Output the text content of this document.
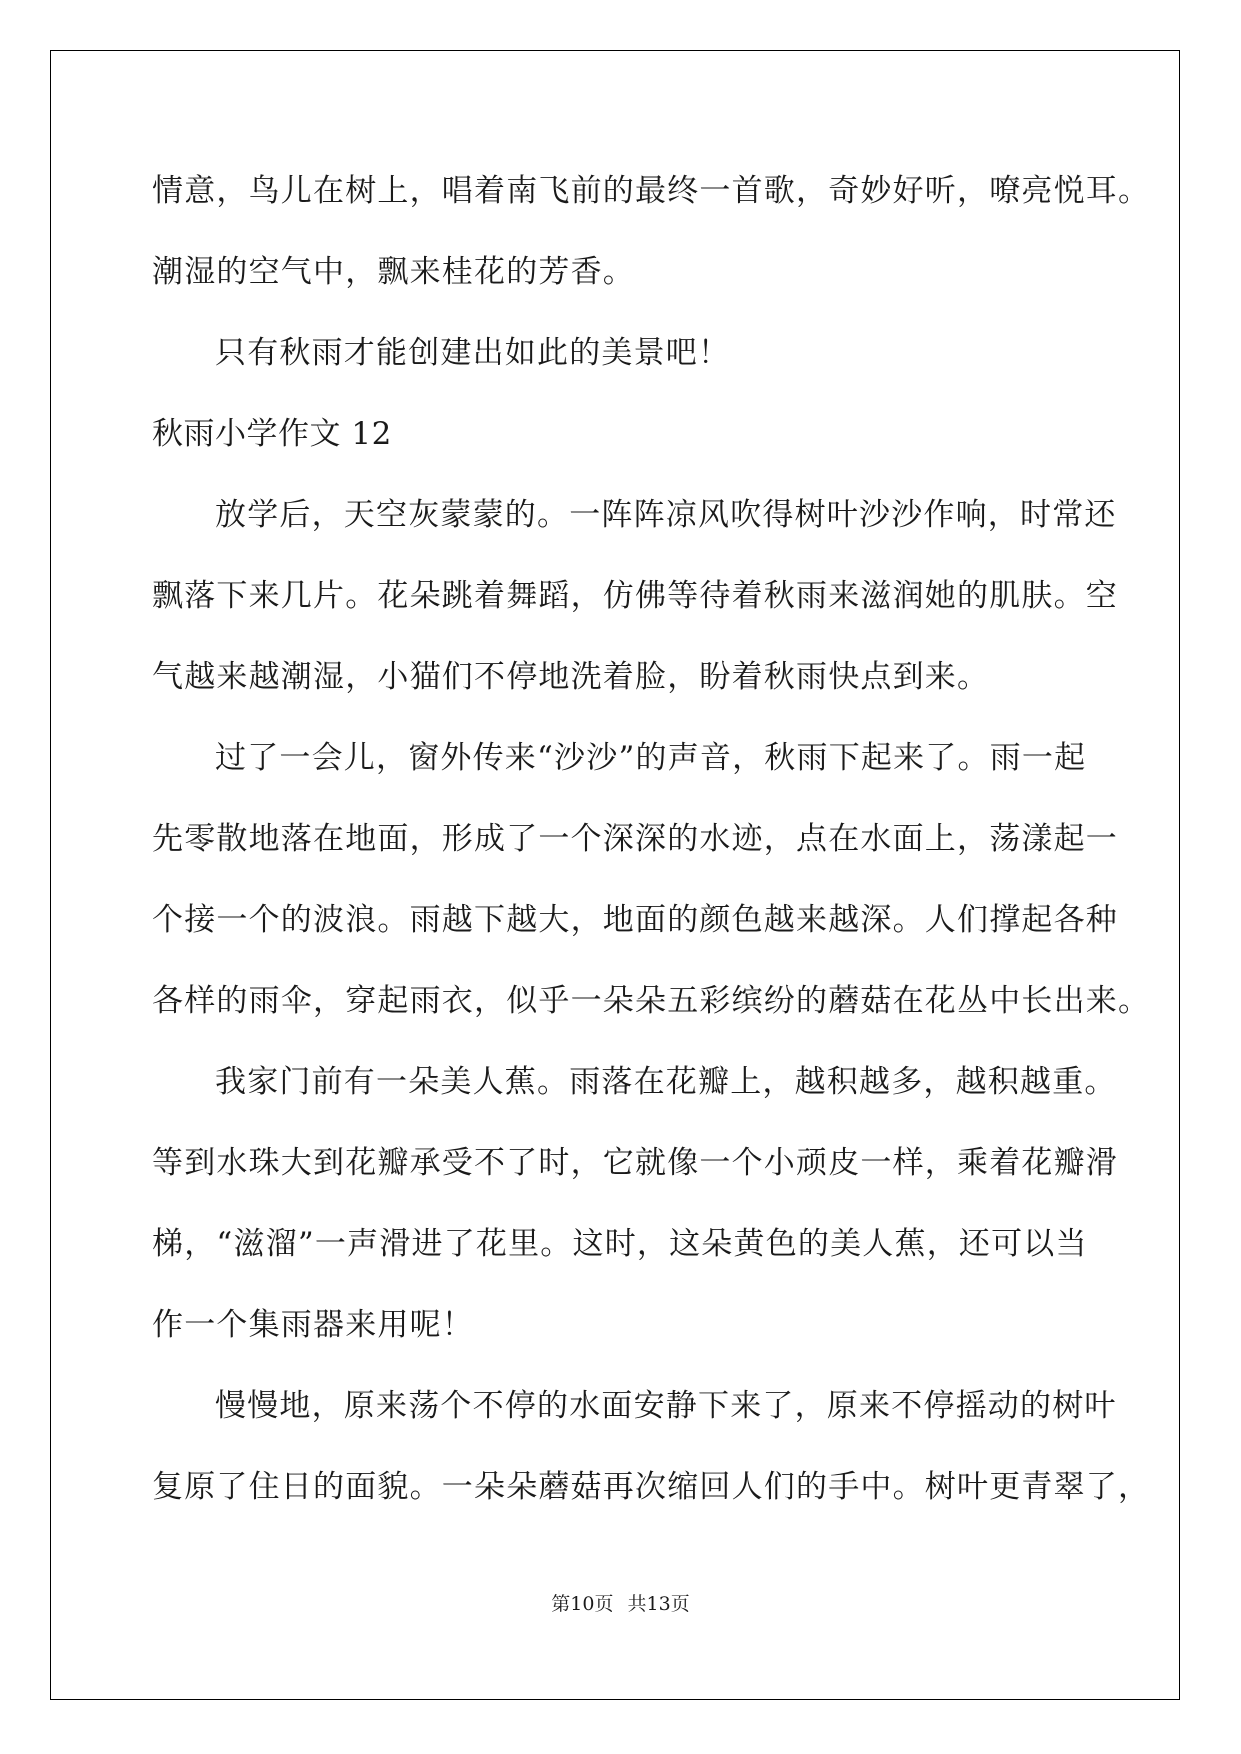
情意，鸟儿在树上，唱着南飞前的最终一首歌，奇妙好听，嘹亮悦耳。
潮湿的空气中，飘来桂花的芳香。
只有秋雨才能创建出如此的美景吧！
秋雨小学作文 12
放学后，天空灰蒙蒙的。一阵阵凉风吹得树叶沙沙作响，时常还
飘落下来几片。花朵跳着舞蹈，仿佛等待着秋雨来滋润她的肌肤。空
气越来越潮湿，小猫们不停地洗着脸，盼着秋雨快点到来。
过了一会儿，窗外传来“沙沙”的声音，秋雨下起来了。雨一起
先零散地落在地面，形成了一个深深的水迹，点在水面上，荡漾起一
个接一个的波浪。雨越下越大，地面的颜色越来越深。人们撑起各种
各样的雨伞，穿起雨衣，似乎一朵朵五彩缤纷的蘑菇在花丛中长出来。
我家门前有一朵美人蕉。雨落在花瓣上，越积越多，越积越重。
等到水珠大到花瓣承受不了时，它就像一个小顽皮一样，乘着花瓣滑
梯，“滋溜”一声滑进了花里。这时，这朵黄色的美人蕉，还可以当
作一个集雨器来用呢！
慢慢地，原来荡个不停的水面安静下来了，原来不停摇动的树叶
复原了住日的面貌。一朵朵蘑菇再次缩回人们的手中。树叶更青翠了，
第10页 共13页
